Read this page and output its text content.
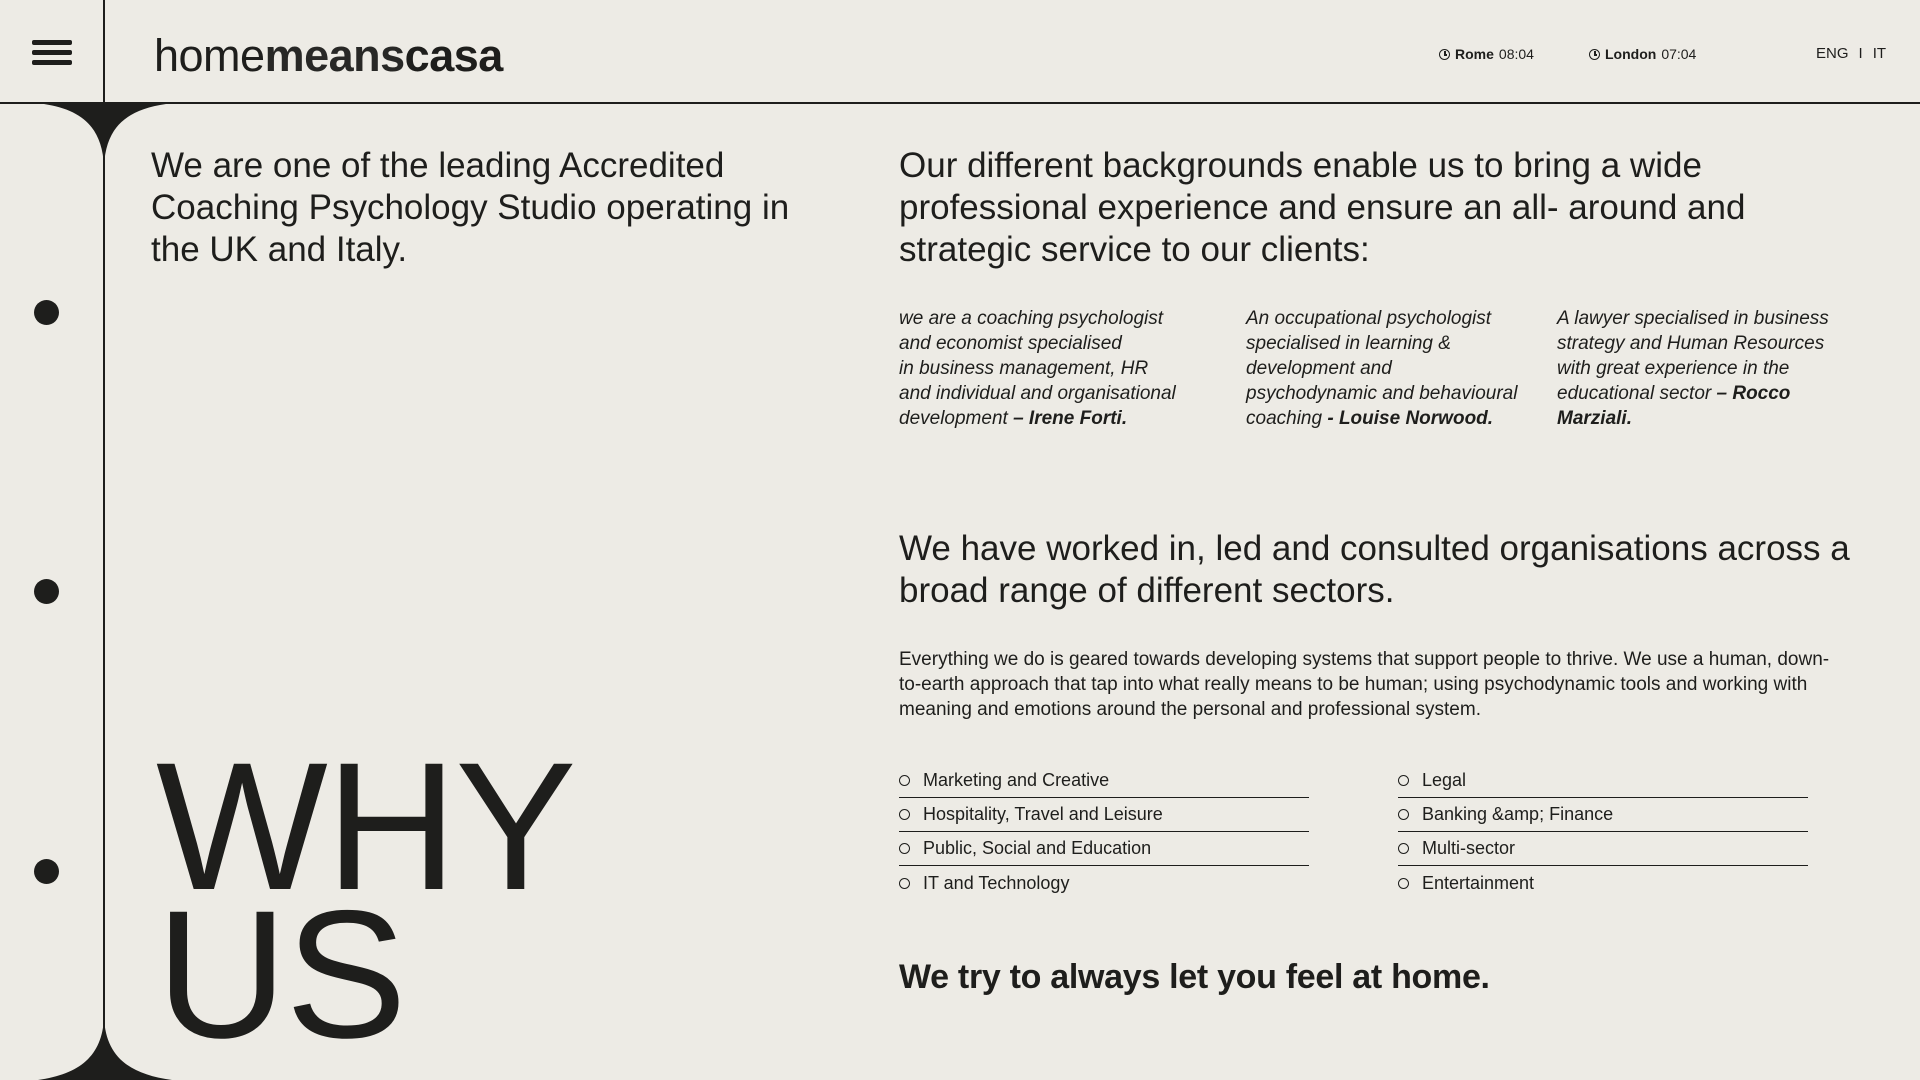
homemeanscasa	Rome 08:04	London 07:04	ENG I IT
We are one of the leading Accredited Coaching Psychology Studio operating in the UK and Italy.
WHY
US
Our different backgrounds enable us to bring a wide professional experience and ensure an all- around and strategic service to our clients:
we are a coaching psychologist
and economist specialised
in business management, HR
and individual and organisational
development – Irene Forti.
An occupational psychologist
specialised in learning &
development and
psychodynamic and behavioural
coaching - Louise Norwood.
A lawyer specialised in business
strategy and Human Resources
with great experience in the
educational sector – Rocco Marziali.
We have worked in, led and consulted organisations across a broad range of different sectors.
Everything we do is geared towards developing systems that support people to thrive. We use a human, down-to-earth approach that tap into what really means to be human; using psychodynamic tools and working with meaning and emotions around the personal and professional system.
Marketing and Creative
Hospitality, Travel and Leisure
Public, Social and Education
IT and Technology
Legal
Banking &amp; Finance
Multi-sector
Entertainment
We try to always let you feel at home.
